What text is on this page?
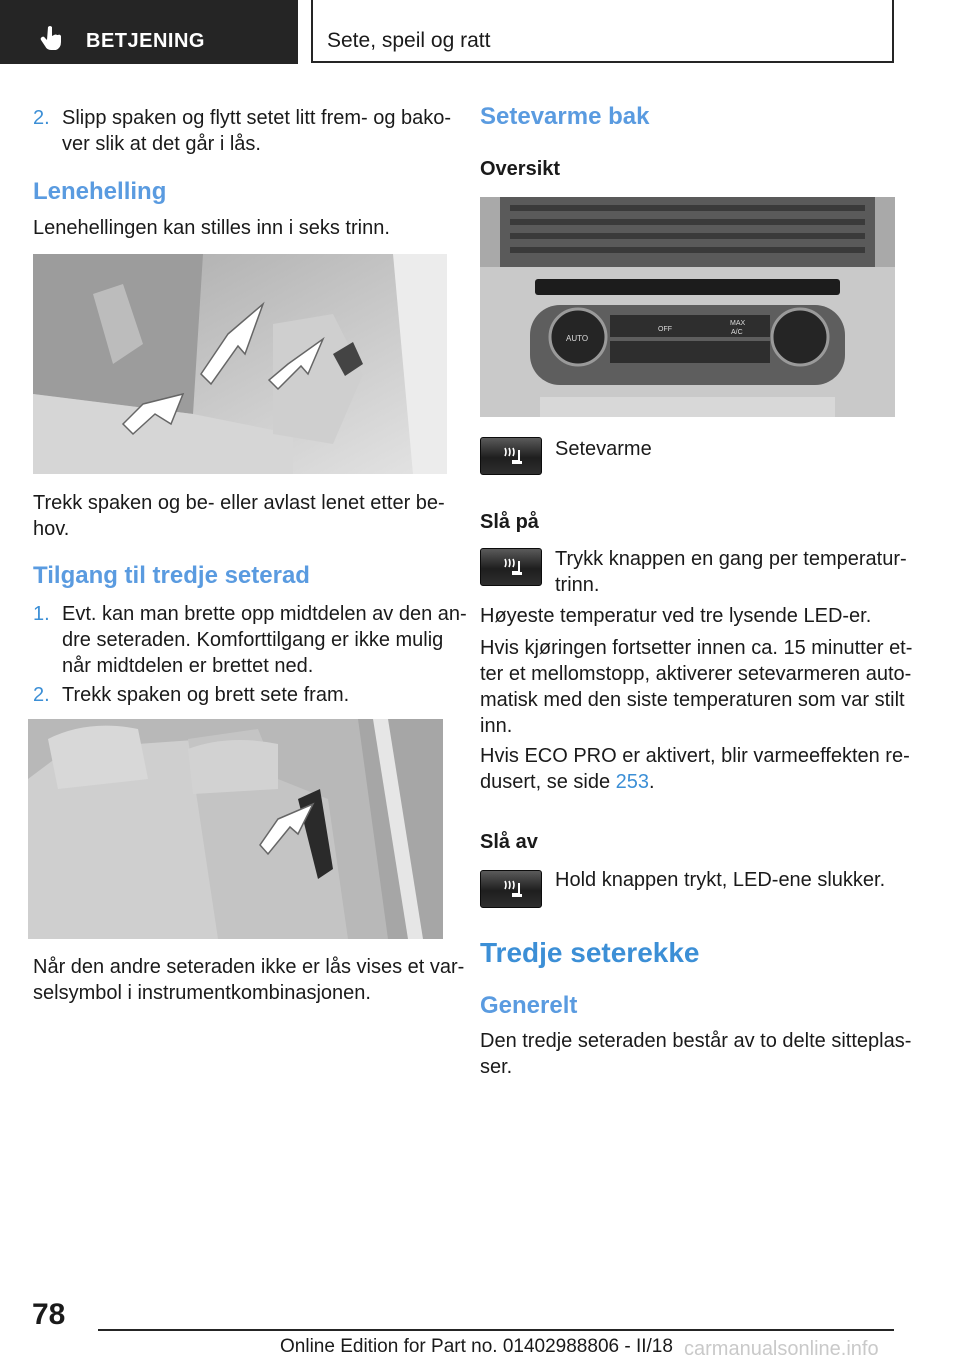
BETJENING	Sete, speil og ratt
2. Slipp spaken og flytt setet litt frem- og bako‐
ver slik at det går i lås.
Lenehelling
Lenehellingen kan stilles inn i seks trinn.
Trekk spaken og be- eller avlast lenet etter be‐
hov.
Tilgang til tredje seterad
1. Evt. kan man brette opp midtdelen av den an‐
dre seteraden. Komforttilgang er ikke mulig
når midtdelen er brettet ned.
2. Trekk spaken og brett sete fram.
Når den andre seteraden ikke er lås vises et var‐
selsymbol i instrumentkombinasjonen.
Setevarme bak
Oversikt
AUTO
OFF
MAX
A/C
Setevarme
Slå på
Trykk knappen en gang per temperatur‐
trinn.
Høyeste temperatur ved tre lysende LED-er.
Hvis kjøringen fortsetter innen ca. 15 minutter et‐
ter et mellomstopp, aktiverer setevarmeren auto‐
matisk med den siste temperaturen som var stilt
inn.
Hvis ECO PRO er aktivert, blir varmeeffekten re‐
dusert, se side 253.
Slå av
Hold knappen trykt, LED-ene slukker.
Tredje seterekke
Generelt
Den tredje seteraden består av to delte sitteplas‐
ser.
78
Online Edition for Part no. 01402988806 - II/18 carmanualsonline.info
